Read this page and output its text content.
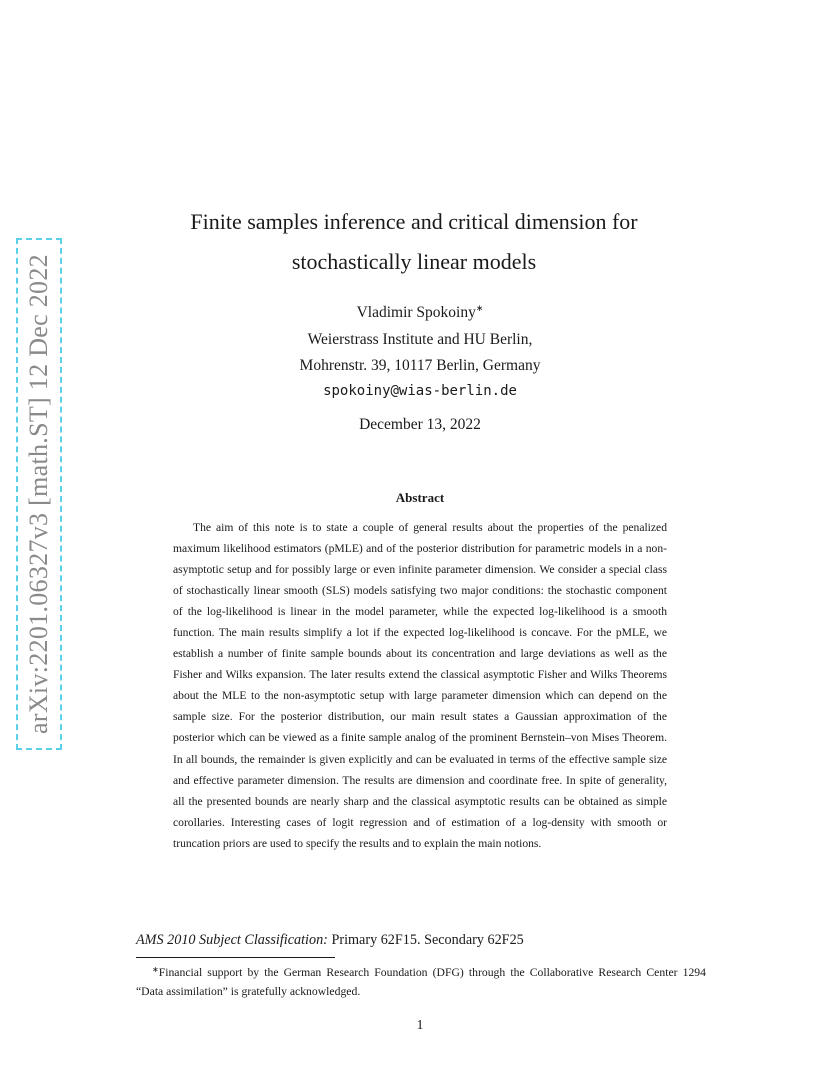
arXiv:2201.06327v3 [math.ST] 12 Dec 2022
Finite samples inference and critical dimension for
stochastically linear models
Vladimir Spokoiny∗
Weierstrass Institute and HU Berlin,
Mohrenstr. 39, 10117 Berlin, Germany
spokoiny@wias-berlin.de
December 13, 2022
Abstract
The aim of this note is to state a couple of general results about the properties of the penalized maximum likelihood estimators (pMLE) and of the posterior distribution for parametric models in a non-asymptotic setup and for possibly large or even infinite parameter dimension. We consider a special class of stochastically linear smooth (SLS) models satisfying two major conditions: the stochastic component of the log-likelihood is linear in the model parameter, while the expected log-likelihood is a smooth function. The main results simplify a lot if the expected log-likelihood is concave. For the pMLE, we establish a number of finite sample bounds about its concentration and large deviations as well as the Fisher and Wilks expansion. The later results extend the classical asymptotic Fisher and Wilks Theorems about the MLE to the non-asymptotic setup with large parameter dimension which can depend on the sample size. For the posterior distribution, our main result states a Gaussian approximation of the posterior which can be viewed as a finite sample analog of the prominent Bernstein–von Mises Theorem. In all bounds, the remainder is given explicitly and can be evaluated in terms of the effective sample size and effective parameter dimension. The results are dimension and coordinate free. In spite of generality, all the presented bounds are nearly sharp and the classical asymptotic results can be obtained as simple corollaries. Interesting cases of logit regression and of estimation of a log-density with smooth or truncation priors are used to specify the results and to explain the main notions.
AMS 2010 Subject Classification: Primary 62F15. Secondary 62F25
∗Financial support by the German Research Foundation (DFG) through the Collaborative Research Center 1294 “Data assimilation” is gratefully acknowledged.
1
